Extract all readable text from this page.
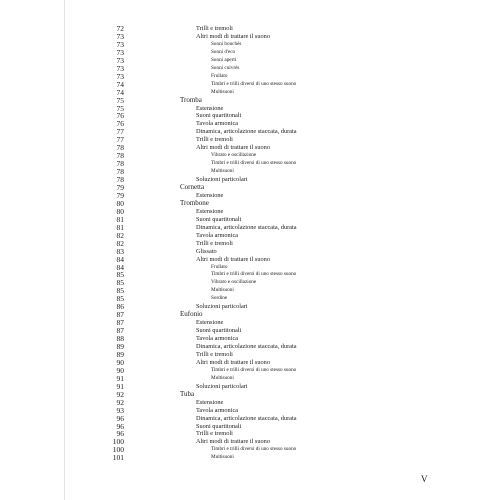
72	Trilli e tremoli
73	Altri modi di trattare il suono
73	Suoni bouchés
73	Suoni d'eco
73	Suoni aperti
73	Suoni cuivrés
73	Frullato
74	Timbri e trilli diversi di uno stesso suono
74	Multisuoni
75	Tromba
75	Estensione
76	Suoni quartitonali
76	Tavola armonica
77	Dinamica, articolazione staccata, durata
77	Trilli e tremoli
78	Altri modi di trattare il suono
78	Vibrato e oscillazione
78	Timbri e trilli diversi di uno stesso suono
78	Multisuoni
78	Soluzioni particolari
79	Cornetta
79	Estensione
80	Trombone
80	Estensione
81	Suoni quartitonali
81	Dinamica, articolazione staccata, durata
82	Tavola armonica
82	Trilli e tremoli
83	Glissato
84	Altri modi di trattare il suono
84	Frullato
85	Timbri e trilli diversi di uno stesso suono
85	Vibrato e oscillazione
85	Multisuoni
85	Sordine
86	Soluzioni particolari
87	Eufonio
87	Estensione
87	Suoni quartitonali
88	Tavola armonica
89	Dinamica, articolazione staccata, durata
89	Trilli e tremoli
90	Altri modi di trattare il suono
90	Timbri e trilli diversi di uno stesso suono
91	Multisuoni
91	Soluzioni particolari
92	Tuba
92	Estensione
93	Tavola armonica
96	Dinamica, articolazione staccata, durata
96	Suoni quartitonali
96	Trilli e tremoli
100	Altri modi di trattare il suono
100	Timbri e trilli diversi di uno stesso suono
101	Multisuoni
V
